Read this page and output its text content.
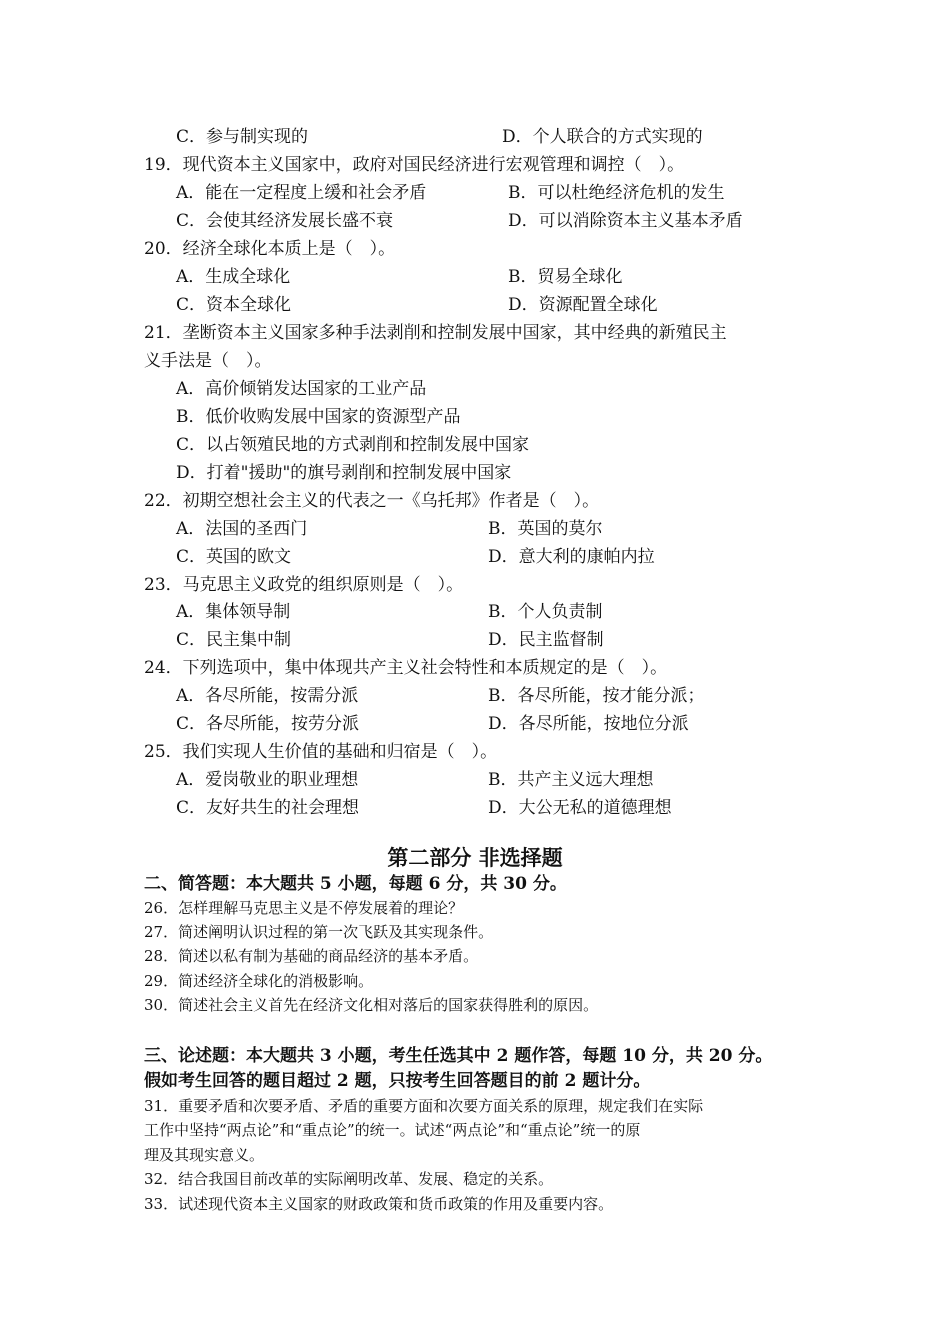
C．参与制实现的	D．个人联合的方式实现的
19．现代资本主义国家中，政府对国民经济进行宏观管理和调控（　）。
A．能在一定程度上缓和社会矛盾	B．可以杜绝经济危机的发生
C．会使其经济发展长盛不衰	D．可以消除资本主义基本矛盾
20．经济全球化本质上是（　）。
A．生成全球化	B．贸易全球化
C．资本全球化	D．资源配置全球化
21．垄断资本主义国家多种手法剥削和控制发展中国家，其中经典的新殖民主
义手法是（　）。
A．高价倾销发达国家的工业产品
B．低价收购发展中国家的资源型产品
C．以占领殖民地的方式剥削和控制发展中国家
D．打着"援助"的旗号剥削和控制发展中国家
22．初期空想社会主义的代表之一《乌托邦》作者是（　）。
A．法国的圣西门	B．英国的莫尔
C．英国的欧文	D．意大利的康帕内拉
23．马克思主义政党的组织原则是（　）。
A．集体领导制	B．个人负责制
C．民主集中制	D．民主监督制
24．下列选项中，集中体现共产主义社会特性和本质规定的是（　）。
A．各尽所能，按需分派	B．各尽所能，按才能分派；
C．各尽所能，按劳分派	D．各尽所能，按地位分派
25．我们实现人生价值的基础和归宿是（　）。
A．爱岗敬业的职业理想	B．共产主义远大理想
C．友好共生的社会理想	D．大公无私的道德理想
第二部分 非选择题
二、简答题：本大题共 5 小题，每题 6 分，共 30 分。
26．怎样理解马克思主义是不停发展着的理论？
27．简述阐明认识过程的第一次飞跃及其实现条件。
28．简述以私有制为基础的商品经济的基本矛盾。
29．简述经济全球化的消极影响。
30．简述社会主义首先在经济文化相对落后的国家获得胜利的原因。
三、论述题：本大题共 3 小题，考生任选其中 2 题作答，每题 10 分，共 20 分。
假如考生回答的题目超过 2 题，只按考生回答题目的前 2 题计分。
31．重要矛盾和次要矛盾、矛盾的重要方面和次要方面关系的原理，规定我们在实际
工作中坚持“两点论”和“重点论”的统一。试述“两点论”和“重点论”统一的原
理及其现实意义。
32．结合我国目前改革的实际阐明改革、发展、稳定的关系。
33．试述现代资本主义国家的财政政策和货币政策的作用及重要内容。
